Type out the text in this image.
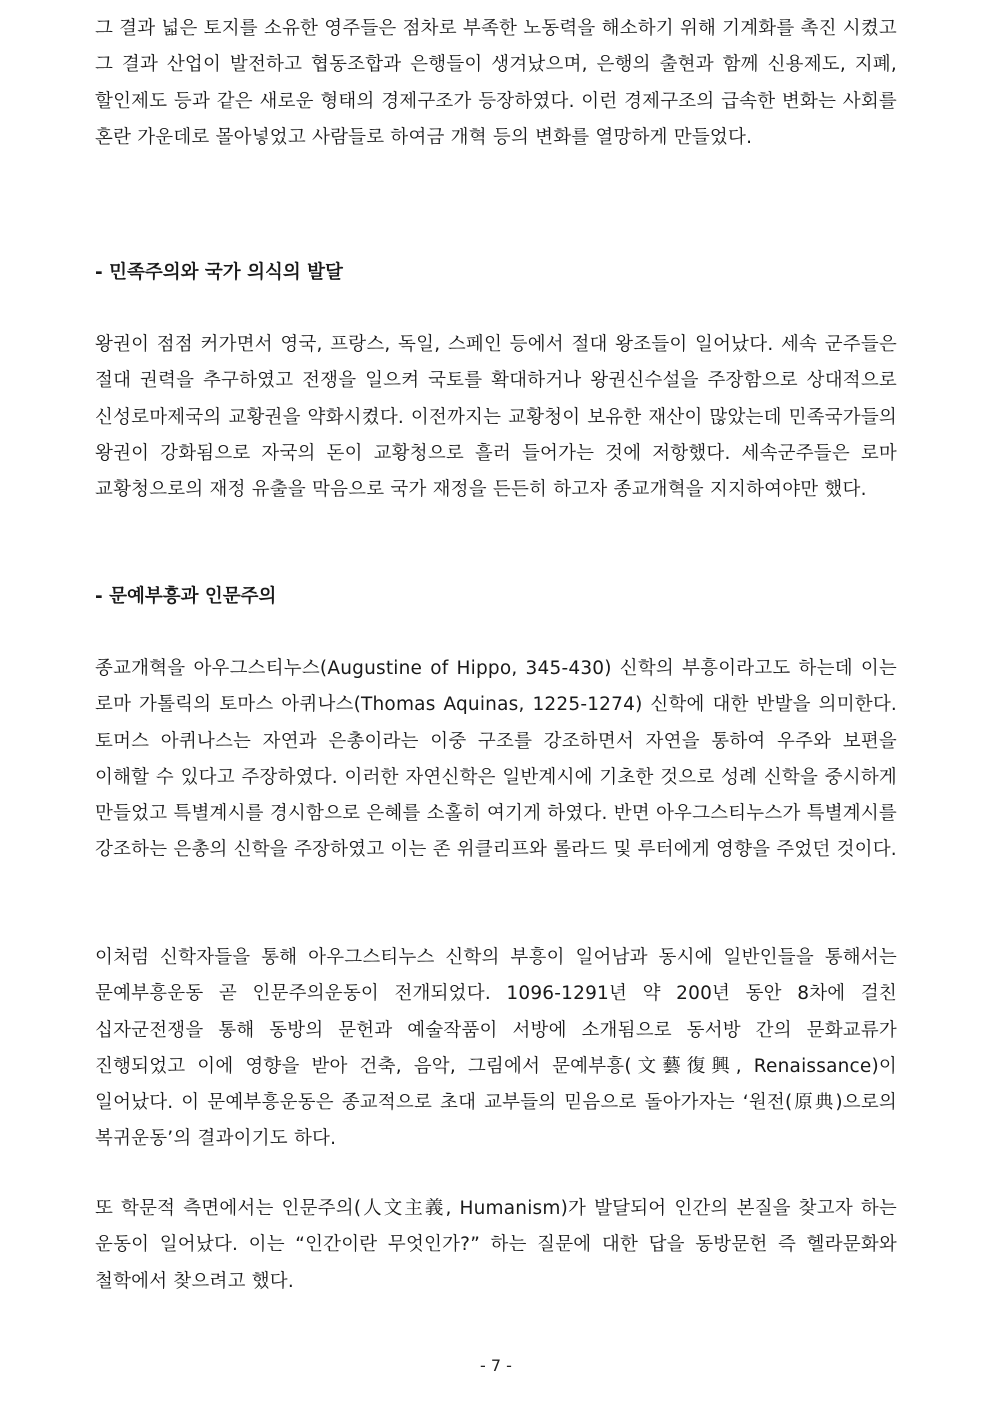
그 결과 넓은 토지를 소유한 영주들은 점차로 부족한 노동력을 해소하기 위해 기계화를 촉진 시켰고 그 결과 산업이 발전하고 협동조합과 은행들이 생겨났으며, 은행의 출현과 함께 신용제도, 지폐, 할인제도 등과 같은 새로운 형태의 경제구조가 등장하였다. 이런 경제구조의 급속한 변화는 사회를 혼란 가운데로 몰아넣었고 사람들로 하여금 개혁 등의 변화를 열망하게 만들었다.

- 민족주의와 국가 의식의 발달

왕권이 점점 커가면서 영국, 프랑스, 독일, 스페인 등에서 절대 왕조들이 일어났다. 세속 군주들은 절대 권력을 추구하였고 전쟁을 일으켜 국토를 확대하거나 왕권신수설을 주장함으로 상대적으로 신성로마제국의 교황권을 약화시켰다. 이전까지는 교황청이 보유한 재산이 많았는데 민족국가들의 왕권이 강화됨으로 자국의 돈이 교황청으로 흘러 들어가는 것에 저항했다. 세속군주들은 로마 교황청으로의 재정 유출을 막음으로 국가 재정을 든든히 하고자 종교개혁을 지지하여야만 했다.

- 문예부흥과 인문주의

종교개혁을 아우그스티누스(Augustine of Hippo, 345-430) 신학의 부흥이라고도 하는데 이는 로마 가톨릭의 토마스 아퀴나스(Thomas Aquinas, 1225-1274) 신학에 대한 반발을 의미한다. 토머스 아퀴나스는 자연과 은총이라는 이중 구조를 강조하면서 자연을 통하여 우주와 보편을 이해할 수 있다고 주장하였다. 이러한 자연신학은 일반계시에 기초한 것으로 성례 신학을 중시하게 만들었고 특별계시를 경시함으로 은혜를 소홀히 여기게 하였다. 반면 아우그스티누스가 특별계시를 강조하는 은총의 신학을 주장하였고 이는 존 위클리프와 롤라드 및 루터에게 영향을 주었던 것이다.

이처럼 신학자들을 통해 아우그스티누스 신학의 부흥이 일어남과 동시에 일반인들을 통해서는 문예부흥운동 곧 인문주의운동이 전개되었다. 1096-1291년 약 200년 동안 8차에 걸친 십자군전쟁을 통해 동방의 문헌과 예술작품이 서방에 소개됨으로 동서방 간의 문화교류가 진행되었고 이에 영향을 받아 건축, 음악, 그림에서 문예부흥(文藝復興, Renaissance)이 일어났다. 이 문예부흥운동은 종교적으로 초대 교부들의 믿음으로 돌아가자는 ‘원전(原典)으로의 복귀운동’의 결과이기도 하다.

또 학문적 측면에서는 인문주의(人文主義, Humanism)가 발달되어 인간의 본질을 찾고자 하는 운동이 일어났다. 이는 “인간이란 무엇인가?” 하는 질문에 대한 답을 동방문헌 즉 헬라문화와 철학에서 찾으려고 했다.

- 7 -
